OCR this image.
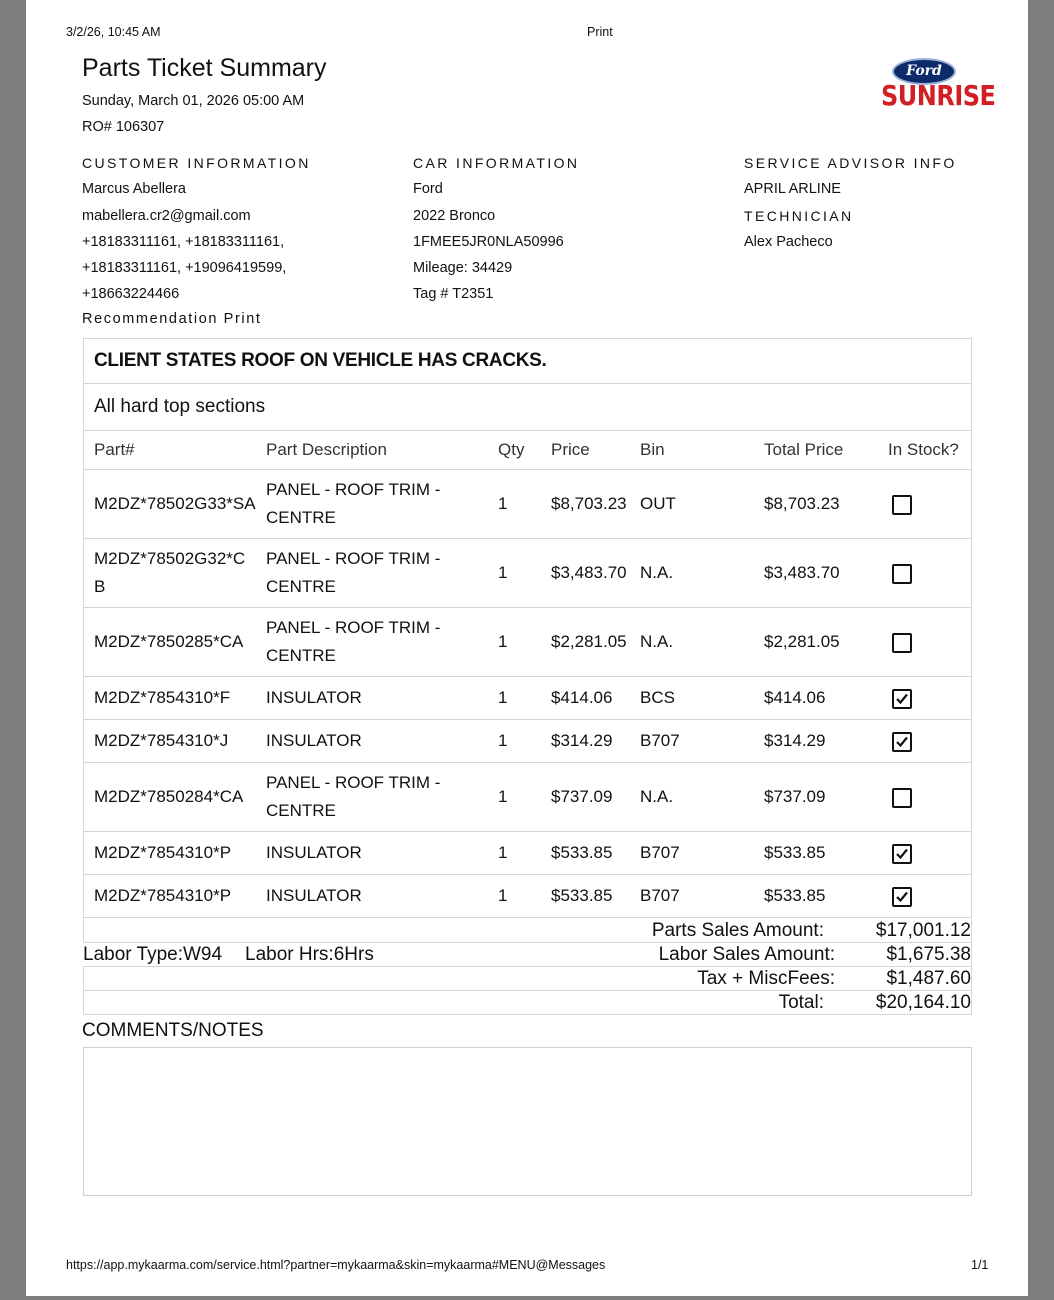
3/2/26, 10:45 AM	Print
Parts Ticket Summary
Sunday, March 01, 2026 05:00 AM
RO# 106307
Ford
SUNRISE
CUSTOMER INFORMATION
Marcus Abellera
mabellera.cr2@gmail.com
+18183311161, +18183311161,
+18183311161, +19096419599,
+18663224466
CAR INFORMATION
Ford
2022 Bronco
1FMEE5JR0NLA50996
Mileage: 34429
Tag # T2351
SERVICE ADVISOR INFO
APRIL ARLINE
TECHNICIAN
Alex Pacheco
Recommendation Print
CLIENT STATES ROOF ON VEHICLE HAS CRACKS.
All hard top sections
Part#	Part Description	Qty	Price	Bin	Total Price	In Stock?
M2DZ*78502G33*SA	PANEL - ROOF TRIM - CENTRE	1	$8,703.23	OUT	$8,703.23	
M2DZ*78502G32*CB	PANEL - ROOF TRIM - CENTRE	1	$3,483.70	N.A.	$3,483.70	
M2DZ*7850285*CA	PANEL - ROOF TRIM - CENTRE	1	$2,281.05	N.A.	$2,281.05	
M2DZ*7854310*F	INSULATOR	1	$414.06	BCS	$414.06	

M2DZ*7854310*J	INSULATOR	1	$314.29	B707	$314.29	

M2DZ*7850284*CA	PANEL - ROOF TRIM - CENTRE	1	$737.09	N.A.	$737.09	
M2DZ*7854310*P	INSULATOR	1	$533.85	B707	$533.85	

M2DZ*7854310*P	INSULATOR	1	$533.85	B707	$533.85	
Parts Sales Amount:	$17,001.12
Labor Type:W94 Labor Hrs:6Hrs	Labor Sales Amount:	$1,675.38
Tax + MiscFees:	$1,487.60
Total:	$20,164.10
COMMENTS/NOTES
https://app.mykaarma.com/service.html?partner=mykaarma&skin=mykaarma#MENU@Messages	1/1
